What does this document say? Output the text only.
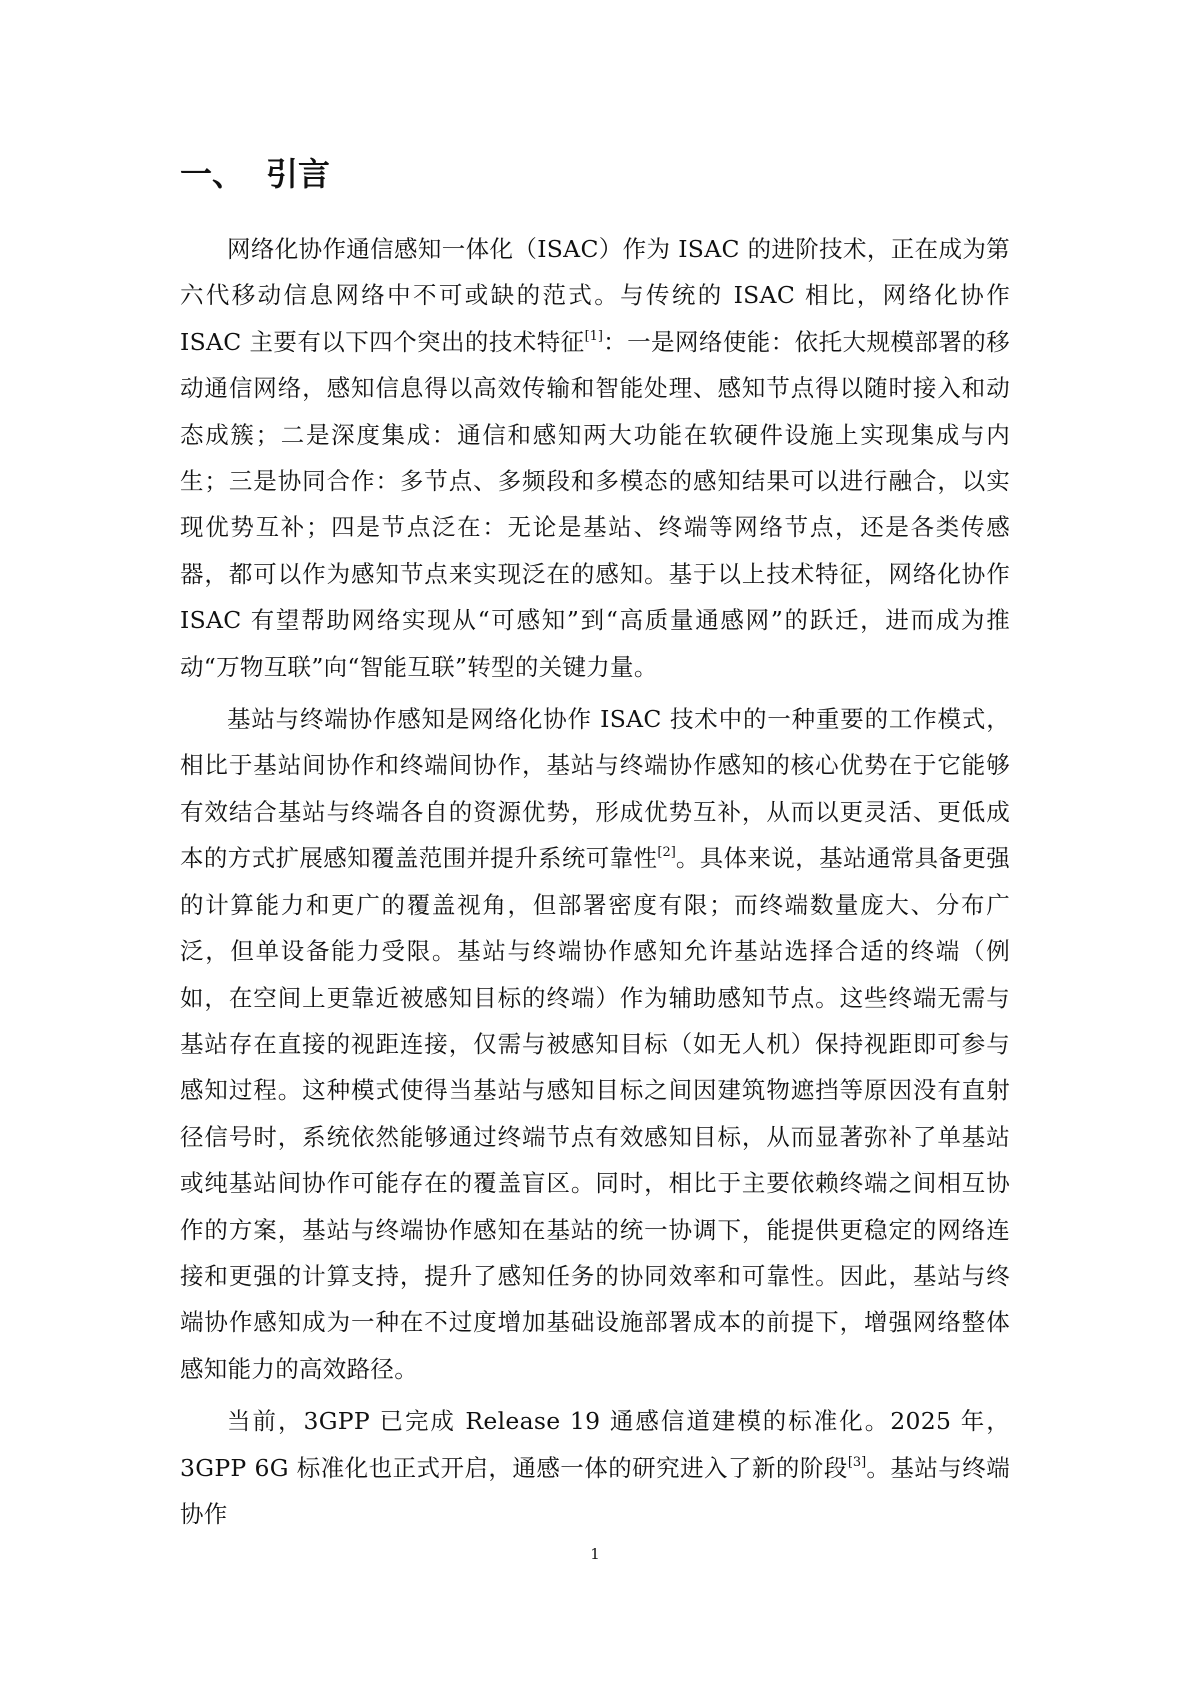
一、 引言

网络化协作通信感知一体化（ISAC）作为 ISAC 的进阶技术，正在成为第六代移动信息网络中不可或缺的范式。与传统的 ISAC 相比，网络化协作 ISAC 主要有以下四个突出的技术特征[1]：一是网络使能：依托大规模部署的移动通信网络，感知信息得以高效传输和智能处理、感知节点得以随时接入和动态成簇；二是深度集成：通信和感知两大功能在软硬件设施上实现集成与内生；三是协同合作：多节点、多频段和多模态的感知结果可以进行融合，以实现优势互补；四是节点泛在：无论是基站、终端等网络节点，还是各类传感器，都可以作为感知节点来实现泛在的感知。基于以上技术特征，网络化协作 ISAC 有望帮助网络实现从“可感知”到“高质量通感网”的跃迁，进而成为推动“万物互联”向“智能互联”转型的关键力量。

基站与终端协作感知是网络化协作 ISAC 技术中的一种重要的工作模式，相比于基站间协作和终端间协作，基站与终端协作感知的核心优势在于它能够有效结合基站与终端各自的资源优势，形成优势互补，从而以更灵活、更低成本的方式扩展感知覆盖范围并提升系统可靠性[2]。具体来说，基站通常具备更强的计算能力和更广的覆盖视角，但部署密度有限；而终端数量庞大、分布广泛，但单设备能力受限。基站与终端协作感知允许基站选择合适的终端（例如，在空间上更靠近被感知目标的终端）作为辅助感知节点。这些终端无需与基站存在直接的视距连接，仅需与被感知目标（如无人机）保持视距即可参与感知过程。这种模式使得当基站与感知目标之间因建筑物遮挡等原因没有直射径信号时，系统依然能够通过终端节点有效感知目标，从而显著弥补了单基站或纯基站间协作可能存在的覆盖盲区。同时，相比于主要依赖终端之间相互协作的方案，基站与终端协作感知在基站的统一协调下，能提供更稳定的网络连接和更强的计算支持，提升了感知任务的协同效率和可靠性。因此，基站与终端协作感知成为一种在不过度增加基础设施部署成本的前提下，增强网络整体感知能力的高效路径。

当前，3GPP 已完成 Release 19 通感信道建模的标准化。2025 年，3GPP 6G 标准化也正式开启，通感一体的研究进入了新的阶段[3]。基站与终端协作

1
